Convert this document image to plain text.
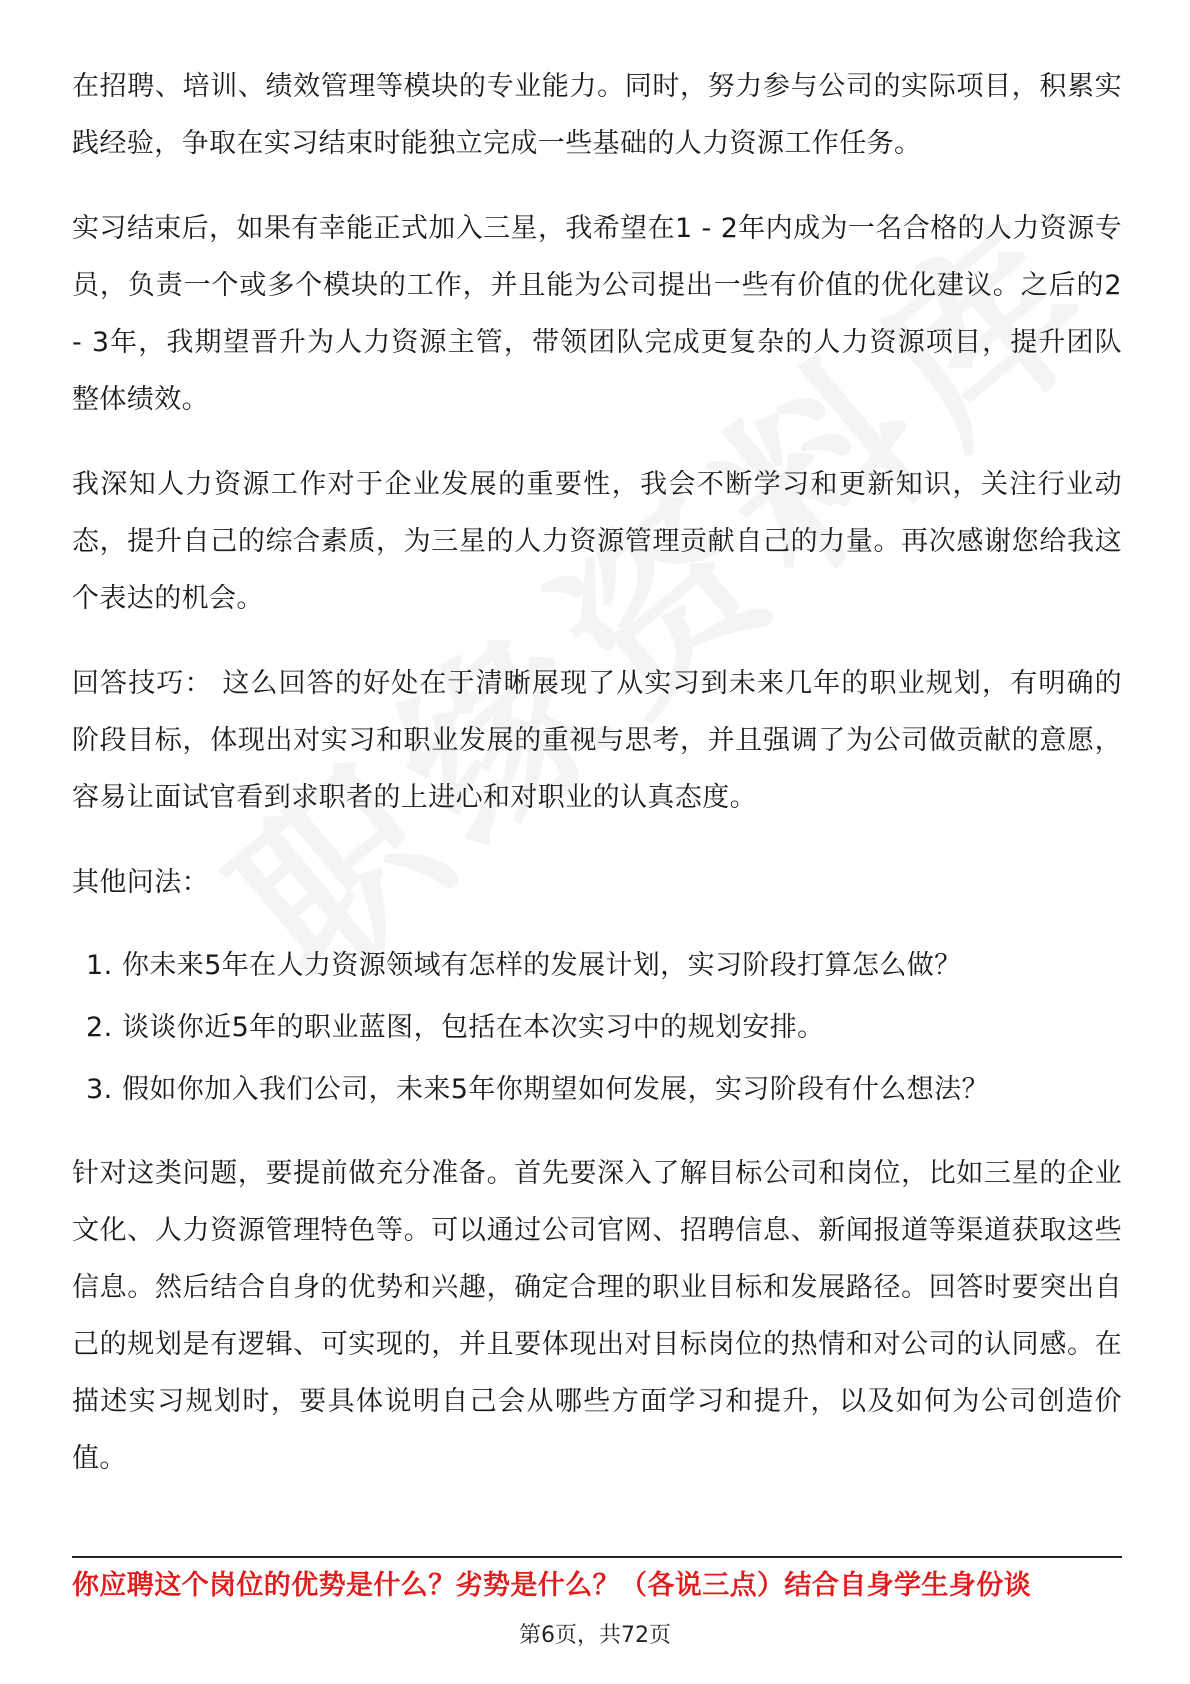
在招聘、培训、绩效管理等模块的专业能力。同时，努力参与公司的实际项目，积累实践经验，争取在实习结束时能独立完成一些基础的人力资源工作任务。

实习结束后，如果有幸能正式加入三星，我希望在1 - 2年内成为一名合格的人力资源专员，负责一个或多个模块的工作，并且能为公司提出一些有价值的优化建议。之后的2 - 3年，我期望晋升为人力资源主管，带领团队完成更复杂的人力资源项目，提升团队整体绩效。

我深知人力资源工作对于企业发展的重要性，我会不断学习和更新知识，关注行业动态，提升自己的综合素质，为三星的人力资源管理贡献自己的力量。再次感谢您给我这个表达的机会。

回答技巧： 这么回答的好处在于清晰展现了从实习到未来几年的职业规划，有明确的阶段目标，体现出对实习和职业发展的重视与思考，并且强调了为公司做贡献的意愿，容易让面试官看到求职者的上进心和对职业的认真态度。

其他问法：

1. 你未来5年在人力资源领域有怎样的发展计划，实习阶段打算怎么做？
2. 谈谈你近5年的职业蓝图，包括在本次实习中的规划安排。
3. 假如你加入我们公司，未来5年你期望如何发展，实习阶段有什么想法？

针对这类问题，要提前做充分准备。首先要深入了解目标公司和岗位，比如三星的企业文化、人力资源管理特色等。可以通过公司官网、招聘信息、新闻报道等渠道获取这些信息。然后结合自身的优势和兴趣，确定合理的职业目标和发展路径。回答时要突出自己的规划是有逻辑、可实现的，并且要体现出对目标岗位的热情和对公司的认同感。在描述实习规划时，要具体说明自己会从哪些方面学习和提升，以及如何为公司创造价值。

你应聘这个岗位的优势是什么？劣势是什么？（各说三点）结合自身学生身份谈
第6页，共72页
